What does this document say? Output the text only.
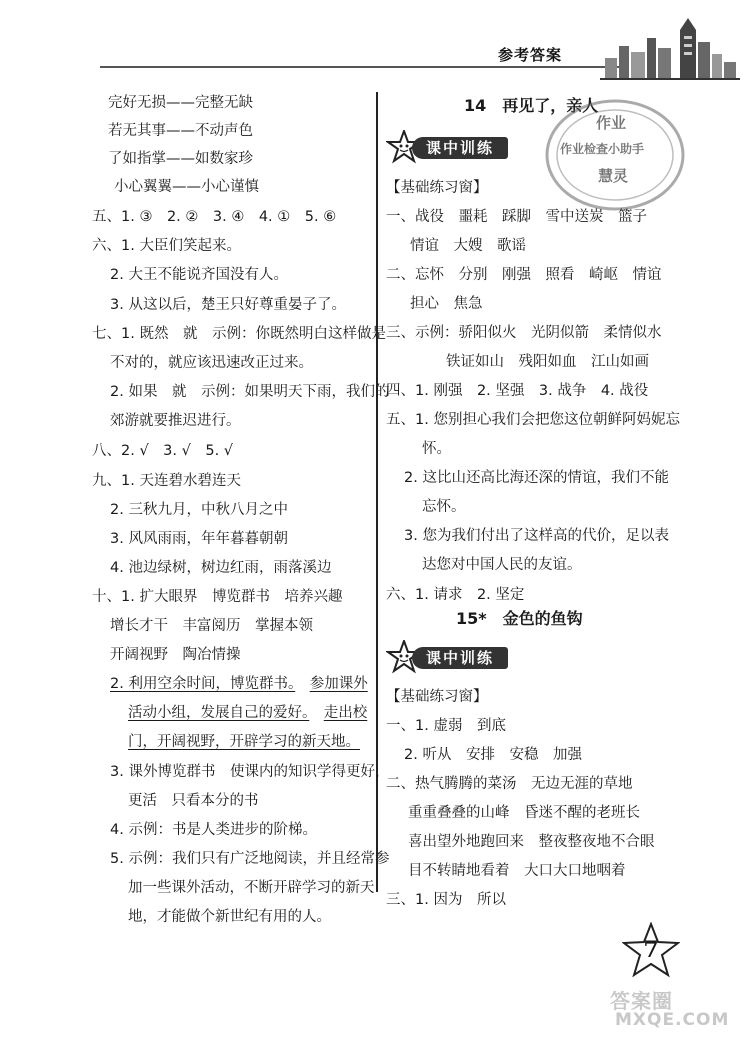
参考答案
完好无损——完整无缺
若无其事——不动声色
了如指掌——如数家珍
小心翼翼——小心谨慎
五、1. ③　2. ②　3. ④　4. ①　5. ⑥
六、1. 大臣们笑起来。
2. 大王不能说齐国没有人。
3. 从这以后，楚王只好尊重晏子了。
七、1. 既然　就　示例：你既然明白这样做是
不对的，就应该迅速改正过来。
2. 如果　就　示例：如果明天下雨，我们的
郊游就要推迟进行。
八、2. √　3. √　5. √
九、1. 天连碧水碧连天
2. 三秋九月，中秋八月之中
3. 风风雨雨，年年暮暮朝朝
4. 池边绿树，树边红雨，雨落溪边
十、1. 扩大眼界　博览群书　培养兴趣
增长才干　丰富阅历　掌握本领
开阔视野　陶冶情操
2. 利用空余时间，博览群书。　 参加课外
活动小组，发展自己的爱好。　 走出校
门，开阔视野，开辟学习的新天地。
3. 课外博览群书　使课内的知识学得更好，
更活　只看本分的书
4. 示例：书是人类进步的阶梯。
5. 示例：我们只有广泛地阅读，并且经常参
加一些课外活动，不断开辟学习的新天
地，才能做个新世纪有用的人。
14　再见了，亲人
课中训练
作业
作业检查小助手
慧灵
【基础练习窗】
一、战役　噩耗　踩脚　雪中送炭　篮子
情谊　大嫂　歌谣
二、忘怀　分别　刚强　照看　崎岖　情谊
担心　焦急
三、示例：骄阳似火　光阴似箭　柔情似水
铁证如山　残阳如血　江山如画
四、1. 刚强　2. 坚强　3. 战争　4. 战役
五、1. 您别担心我们会把您这位朝鲜阿妈妮忘
怀。
2. 这比山还高比海还深的情谊，我们不能
忘怀。
3. 您为我们付出了这样高的代价，足以表
达您对中国人民的友谊。
六、1. 请求　2. 坚定
【基础练习窗】
一、1. 虚弱　到底
2. 听从　安排　安稳　加强
二、热气腾腾的菜汤　无边无涯的草地
重重叠叠的山峰　昏迷不醒的老班长
喜出望外地跑回来　整夜整夜地不合眼
目不转睛地看着　大口大口地咽着
三、1. 因为　所以
15*　金色的鱼钩
课中训练
7
答案圈
MXQE.COM
